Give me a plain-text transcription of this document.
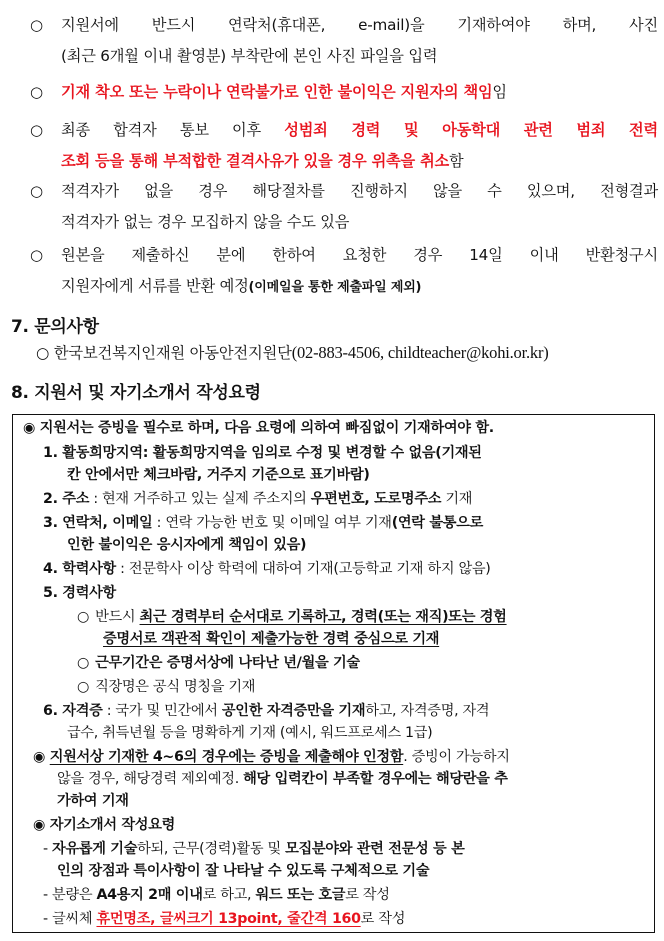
○ 지원서에 반드시 연락처(휴대폰, e-mail)을 기재하여야 하며, 사진
(최근 6개월 이내 촬영분) 부착란에 본인 사진 파일을 입력
○ 기재 착오 또는 누락이나 연락불가로 인한 불이익은 지원자의 책임임
○ 최종 합격자 통보 이후 성범죄 경력 및 아동학대 관련 범죄 전력
조회 등을 통해 부적합한 결격사유가 있을 경우 위촉을 취소함
○ 적격자가 없을 경우 해당절차를 진행하지 않을 수 있으며, 전형결과
적격자가 없는 경우 모집하지 않을 수도 있음
○ 원본을 제출하신 분에 한하여 요청한 경우 14일 이내 반환청구시
지원자에게 서류를 반환 예정(이메일을 통한 제출파일 제외)
7. 문의사항
○ 한국보건복지인재원 아동안전지원단(02-883-4506, childteacher@kohi.or.kr)
8. 지원서 및 자기소개서 작성요령
◉ 지원서는 증빙을 필수로 하며, 다음 요령에 의하여 빠짐없이 기재하여야 함.
1. 활동희망지역: 활동희망지역을 임의로 수정 및 변경할 수 없음(기재된
칸 안에서만 체크바람, 거주지 기준으로 표기바람)
2. 주소 : 현재 거주하고 있는 실제 주소지의 우편번호, 도로명주소 기재
3. 연락처, 이메일 : 연락 가능한 번호 및 이메일 여부 기재(연락 불통으로
인한 불이익은 응시자에게 책임이 있음)
4. 학력사항 : 전문학사 이상 학력에 대하여 기재(고등학교 기재 하지 않음)
5. 경력사항
○ 반드시 최근 경력부터 순서대로 기록하고, 경력(또는 재직)또는 경험
증명서로 객관적 확인이 제출가능한 경력 중심으로 기재
○ 근무기간은 증명서상에 나타난 년/월을 기술
○ 직장명은 공식 명칭을 기재
6. 자격증 : 국가 및 민간에서 공인한 자격증만을 기재하고, 자격증명, 자격
급수, 취득년월 등을 명확하게 기재 (예시, 워드프로세스 1급)
◉ 지원서상 기재한 4~6의 경우에는 증빙을 제출해야 인정함. 증빙이 가능하지
않을 경우, 해당경력 제외예정. 해당 입력칸이 부족할 경우에는 해당란을 추
가하여 기재
◉ 자기소개서 작성요령
- 자유롭게 기술하되, 근무(경력)활동 및 모집분야와 관련 전문성 등 본
인의 장점과 특이사항이 잘 나타날 수 있도록 구체적으로 기술
- 분량은 A4용지 2매 이내로 하고, 워드 또는 호글로 작성
- 글씨체 휴먼명조, 글씨크기 13point, 줄간격 160로 작성
